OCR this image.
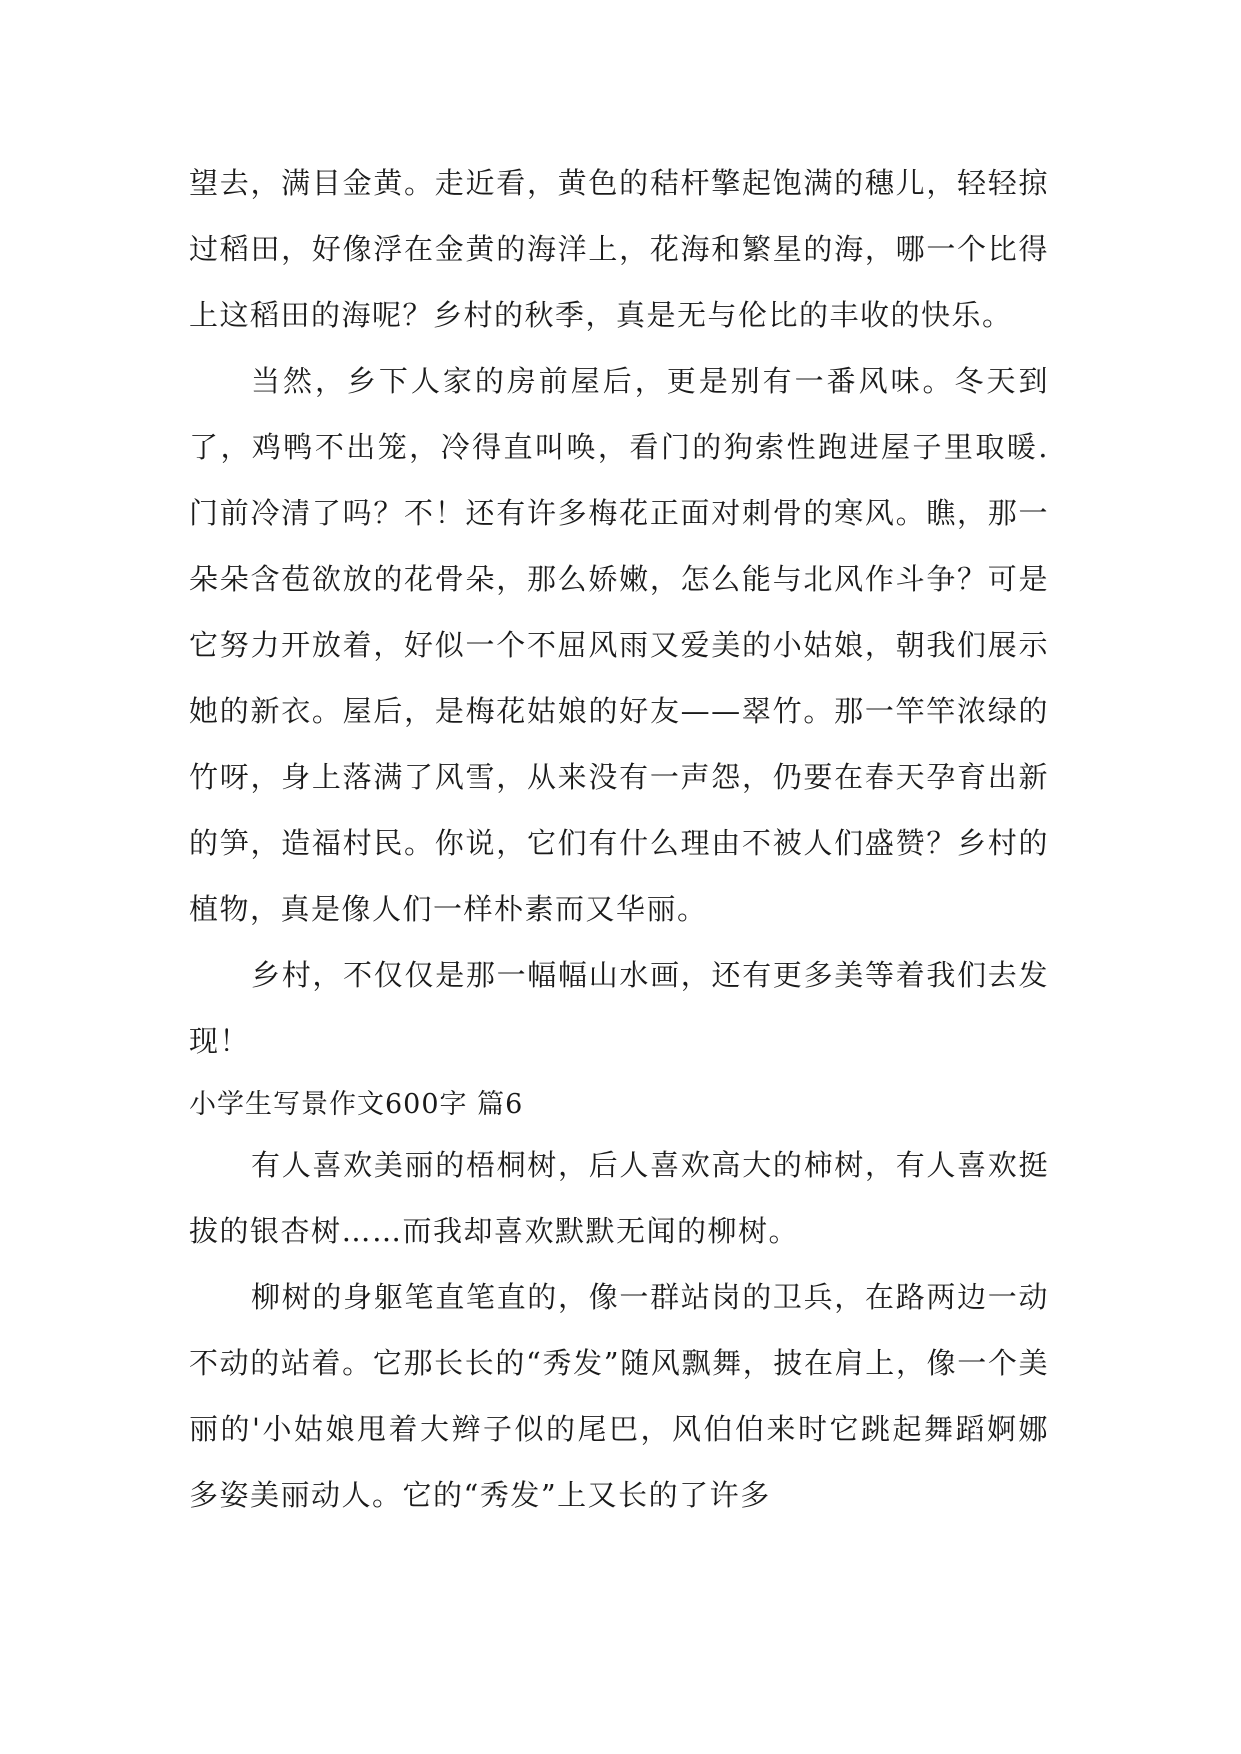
望去，满目金黄。走近看，黄色的秸杆擎起饱满的穗儿，轻轻掠过稻田，好像浮在金黄的海洋上，花海和繁星的海，哪一个比得上这稻田的海呢？乡村的秋季，真是无与伦比的丰收的快乐。

当然，乡下人家的房前屋后，更是别有一番风味。冬天到了，鸡鸭不出笼，冷得直叫唤，看门的狗索性跑进屋子里取暖.门前冷清了吗？不！还有许多梅花正面对刺骨的寒风。瞧，那一朵朵含苞欲放的花骨朵，那么娇嫩，怎么能与北风作斗争？可是它努力开放着，好似一个不屈风雨又爱美的小姑娘，朝我们展示她的新衣。屋后，是梅花姑娘的好友——翠竹。那一竿竿浓绿的竹呀，身上落满了风雪，从来没有一声怨，仍要在春天孕育出新的笋，造福村民。你说，它们有什么理由不被人们盛赞？乡村的植物，真是像人们一样朴素而又华丽。

乡村，不仅仅是那一幅幅山水画，还有更多美等着我们去发现！

小学生写景作文600字 篇6

有人喜欢美丽的梧桐树，后人喜欢高大的柿树，有人喜欢挺拔的银杏树……而我却喜欢默默无闻的柳树。

柳树的身躯笔直笔直的，像一群站岗的卫兵，在路两边一动不动的站着。它那长长的“秀发”随风飘舞，披在肩上，像一个美丽的'小姑娘甩着大辫子似的尾巴，风伯伯来时它跳起舞蹈婀娜多姿美丽动人。它的“秀发”上又长的了许多
